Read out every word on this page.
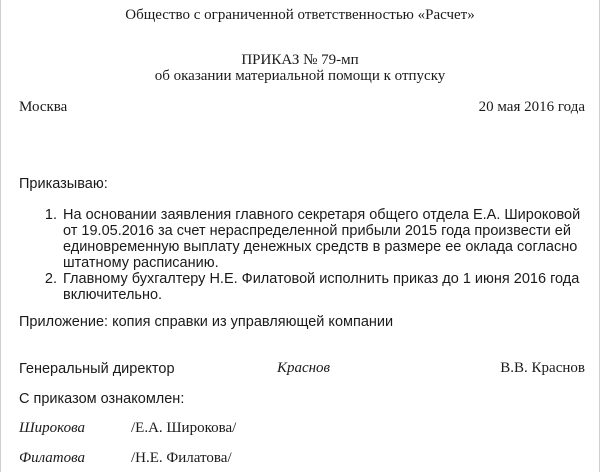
Общество с ограниченной ответственностью «Расчет»
ПРИКАЗ № 79-мп
об оказании материальной помощи к отпуску
Москва	20 мая 2016 года
Приказываю:
1. На основании заявления главного секретаря общего отдела Е.А. Широковой от 19.05.2016 за счет нераспределенной прибыли 2015 года произвести ей единовременную выплату денежных средств в размере ее оклада согласно штатному расписанию.
2. Главному бухгалтеру Н.Е. Филатовой исполнить приказ до 1 июня 2016 года включительно.
Приложение: копия справки из управляющей компании
Генеральный директор	Краснов	В.В. Краснов
С приказом ознакомлен:
Широкова	/Е.А. Широкова/
Филатова	/Н.Е. Филатова/
